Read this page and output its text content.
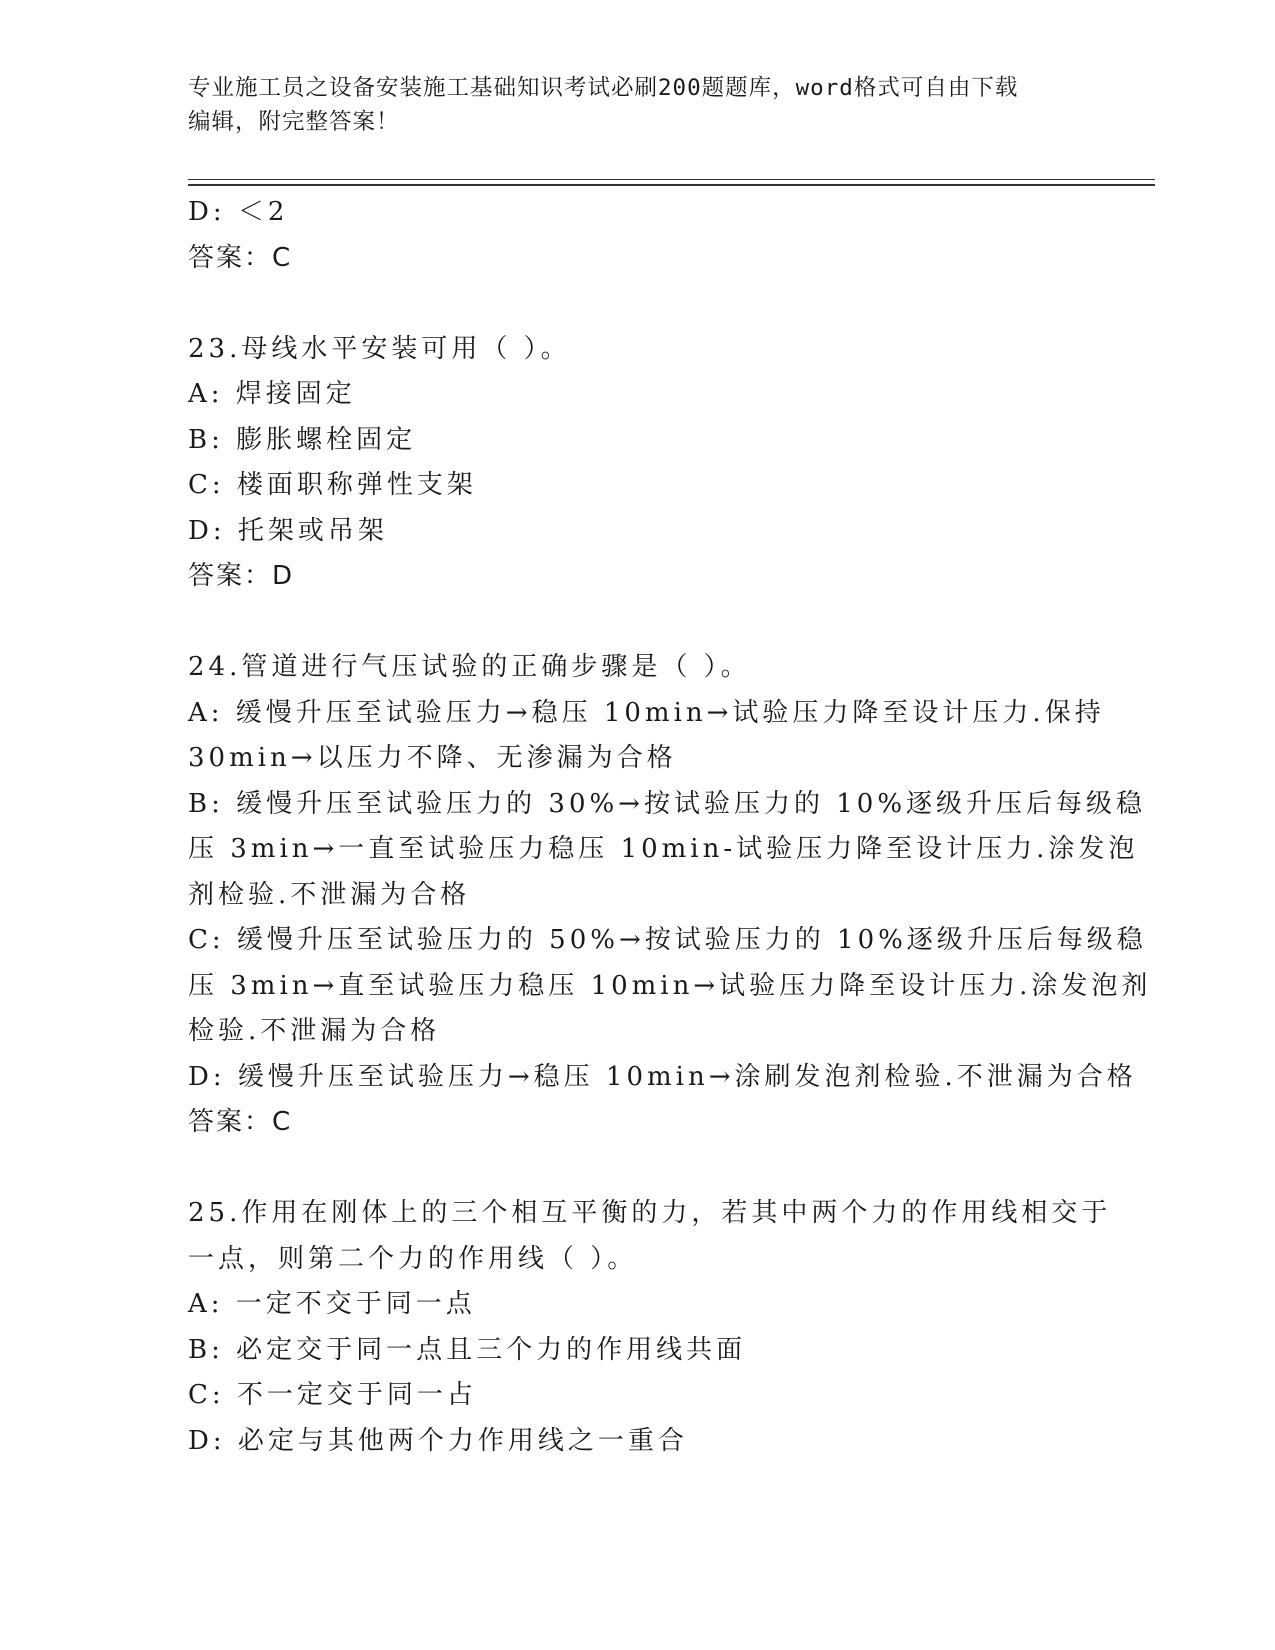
专业施工员之设备安装施工基础知识考试必刷200题题库，word格式可自由下载
编辑，附完整答案！
D: ＜2
答案：C
23.母线水平安装可用（ ）。
A: 焊接固定
B: 膨胀螺栓固定
C: 楼面职称弹性支架
D: 托架或吊架
答案：D
24.管道进行气压试验的正确步骤是（ ）。
A: 缓慢升压至试验压力→稳压 10min→试验压力降至设计压力.保持
30min→以压力不降、无渗漏为合格
B: 缓慢升压至试验压力的 30%→按试验压力的 10%逐级升压后每级稳
压 3min→一直至试验压力稳压 10min-试验压力降至设计压力.涂发泡
剂检验.不泄漏为合格
C: 缓慢升压至试验压力的 50%→按试验压力的 10%逐级升压后每级稳
压 3min→直至试验压力稳压 10min→试验压力降至设计压力.涂发泡剂
检验.不泄漏为合格
D: 缓慢升压至试验压力→稳压 10min→涂刷发泡剂检验.不泄漏为合格
答案：C
25.作用在刚体上的三个相互平衡的力，若其中两个力的作用线相交于
一点，则第二个力的作用线（ ）。
A: 一定不交于同一点
B: 必定交于同一点且三个力的作用线共面
C: 不一定交于同一占
D: 必定与其他两个力作用线之一重合
